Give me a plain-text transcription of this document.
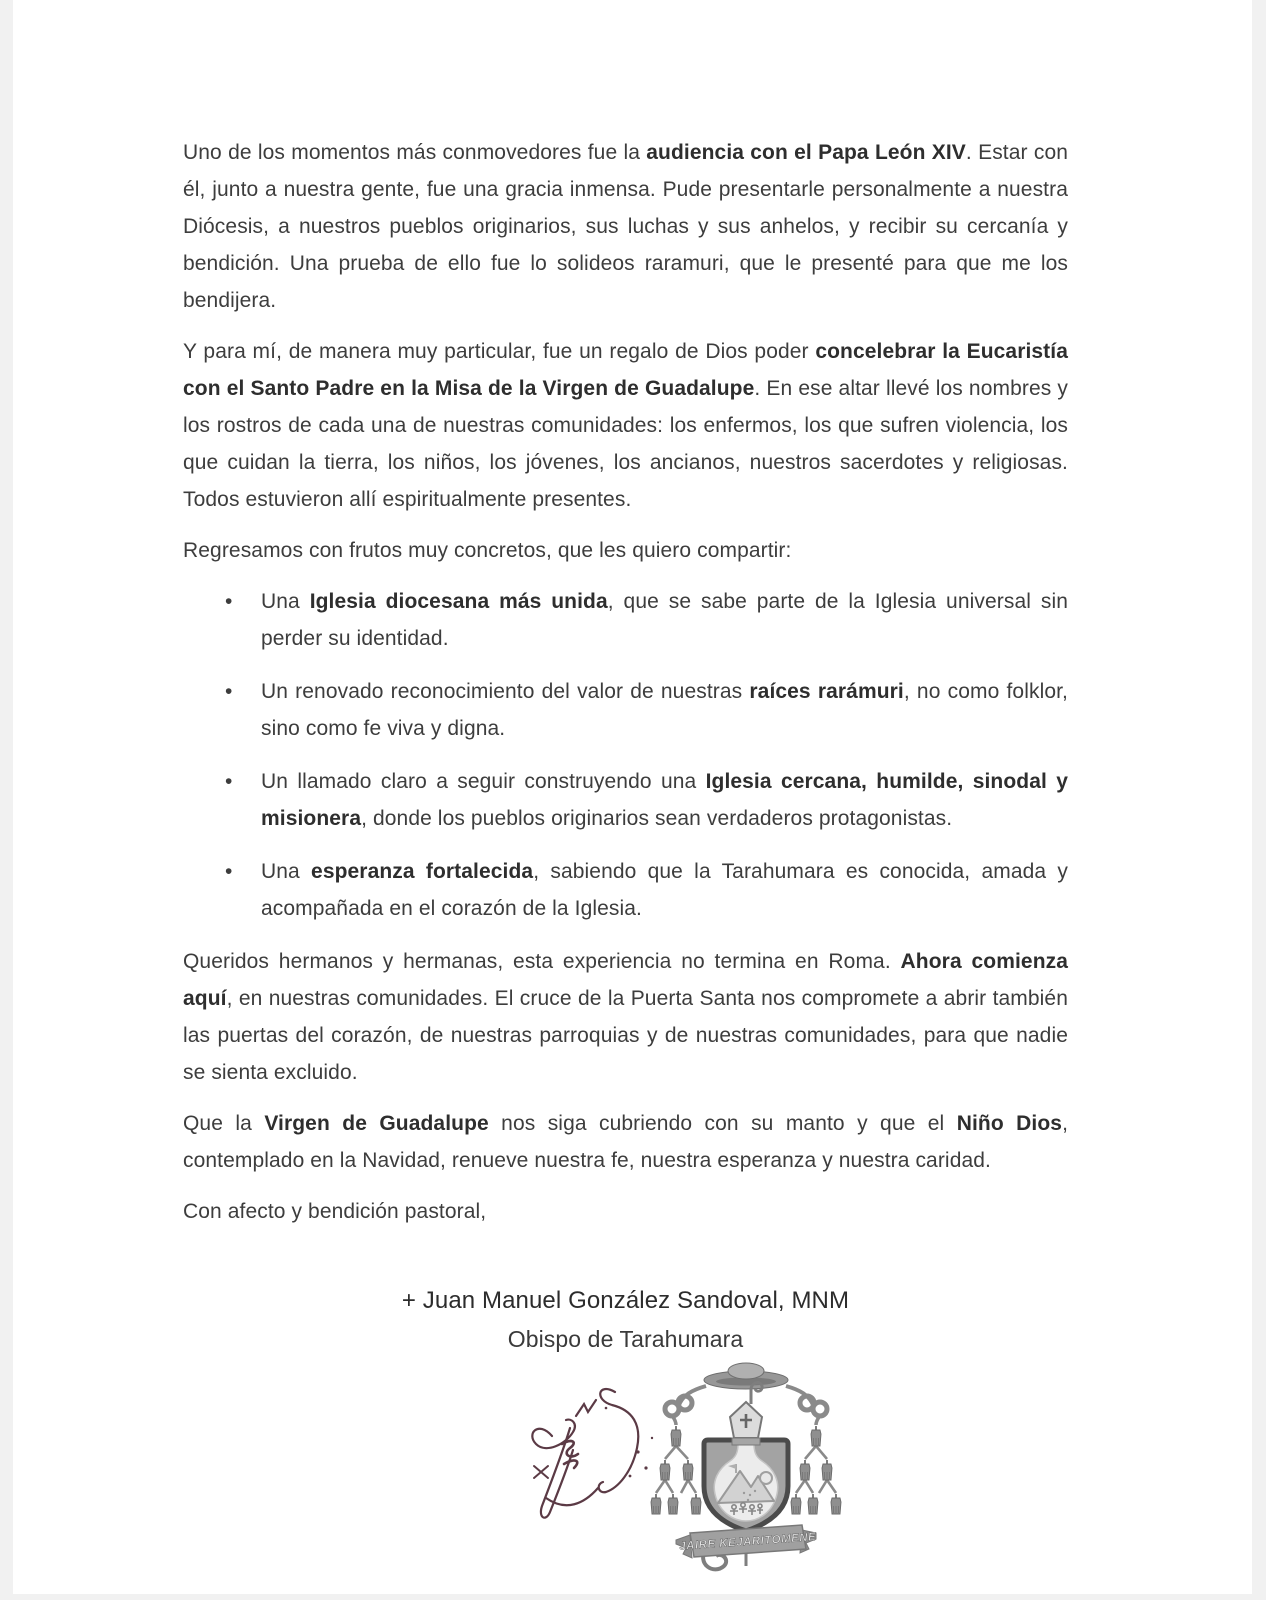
Uno de los momentos más conmovedores fue la audiencia con el Papa León XIV. Estar con él, junto a nuestra gente, fue una gracia inmensa. Pude presentarle personalmente a nuestra Diócesis, a nuestros pueblos originarios, sus luchas y sus anhelos, y recibir su cercanía y bendición. Una prueba de ello fue lo solideos raramuri, que le presenté para que me los bendijera.

Y para mí, de manera muy particular, fue un regalo de Dios poder concelebrar la Eucaristía con el Santo Padre en la Misa de la Virgen de Guadalupe. En ese altar llevé los nombres y los rostros de cada una de nuestras comunidades: los enfermos, los que sufren violencia, los que cuidan la tierra, los niños, los jóvenes, los ancianos, nuestros sacerdotes y religiosas. Todos estuvieron allí espiritualmente presentes.

Regresamos con frutos muy concretos, que les quiero compartir:

• Una Iglesia diocesana más unida, que se sabe parte de la Iglesia universal sin perder su identidad.
• Un renovado reconocimiento del valor de nuestras raíces rarámuri, no como folklor, sino como fe viva y digna.
• Un llamado claro a seguir construyendo una Iglesia cercana, humilde, sinodal y misionera, donde los pueblos originarios sean verdaderos protagonistas.
• Una esperanza fortalecida, sabiendo que la Tarahumara es conocida, amada y acompañada en el corazón de la Iglesia.

Queridos hermanos y hermanas, esta experiencia no termina en Roma. Ahora comienza aquí, en nuestras comunidades. El cruce de la Puerta Santa nos compromete a abrir también las puertas del corazón, de nuestras parroquias y de nuestras comunidades, para que nadie se sienta excluido.

Que la Virgen de Guadalupe nos siga cubriendo con su manto y que el Niño Dios, contemplado en la Navidad, renueve nuestra fe, nuestra esperanza y nuestra caridad.

Con afecto y bendición pastoral,

+ Juan Manuel González Sandoval, MNM
Obispo de Tarahumara
JAIRE KEJARITOMENE
